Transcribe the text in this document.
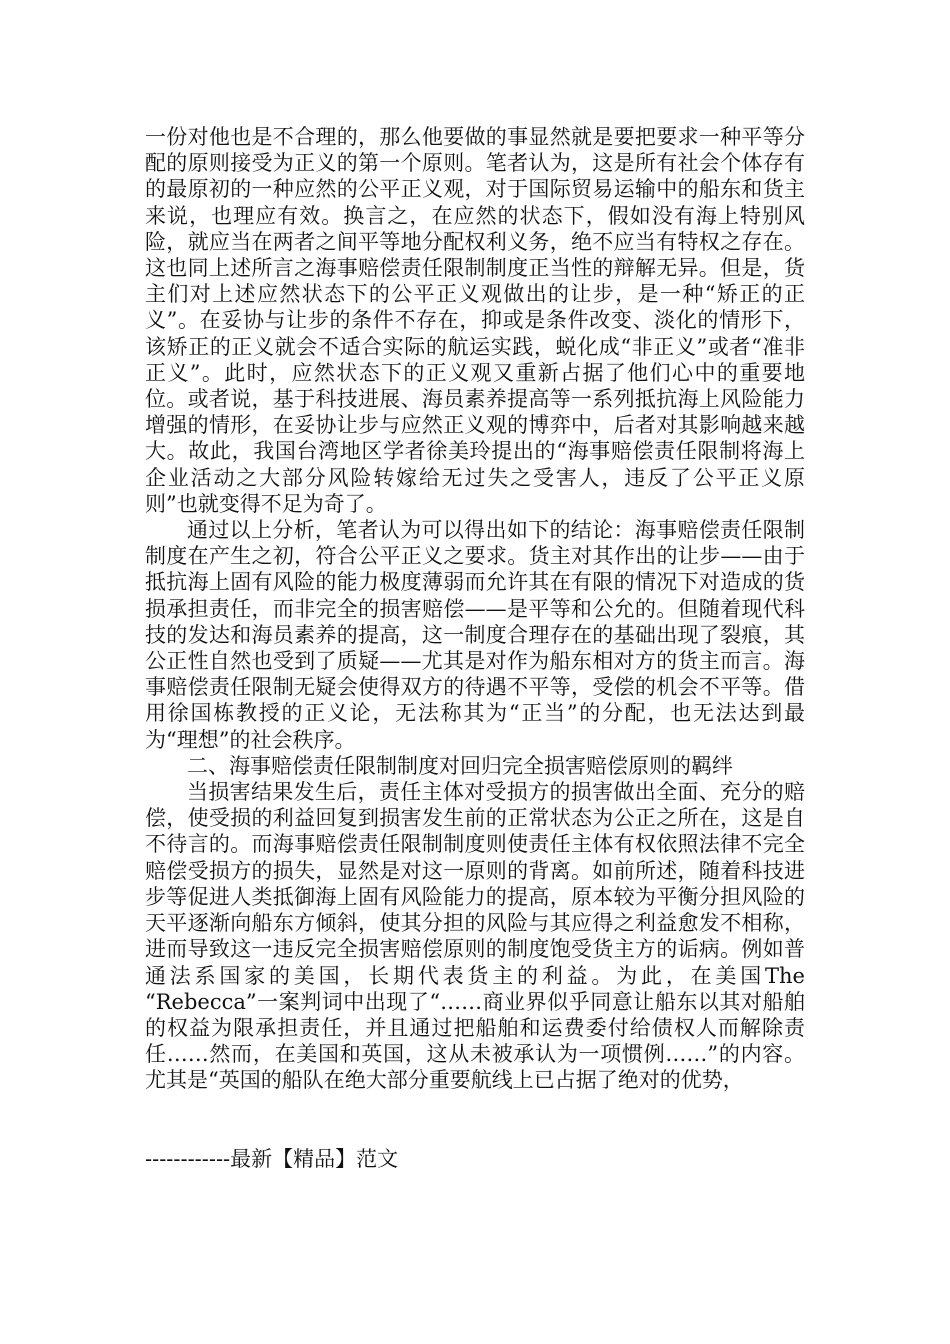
一份对他也是不合理的，那么他要做的事显然就是要把要求一种平等分配的原则接受为正义的第一个原则。笔者认为，这是所有社会个体存有的最原初的一种应然的公平正义观，对于国际贸易运输中的船东和货主来说，也理应有效。换言之，在应然的状态下，假如没有海上特别风险，就应当在两者之间平等地分配权利义务，绝不应当有特权之存在。这也同上述所言之海事赔偿责任限制制度正当性的辩解无异。但是，货主们对上述应然状态下的公平正义观做出的让步，是一种“矫正的正义”。在妥协与让步的条件不存在，抑或是条件改变、淡化的情形下，该矫正的正义就会不适合实际的航运实践，蜕化成“非正义”或者“准非正义”。此时，应然状态下的正义观又重新占据了他们心中的重要地位。或者说，基于科技进展、海员素养提高等一系列抵抗海上风险能力增强的情形，在妥协让步与应然正义观的博弈中，后者对其影响越来越大。故此，我国台湾地区学者徐美玲提出的“海事赔偿责任限制将海上企业活动之大部分风险转嫁给无过失之受害人，违反了公平正义原则”也就变得不足为奇了。

通过以上分析，笔者认为可以得出如下的结论：海事赔偿责任限制制度在产生之初，符合公平正义之要求。货主对其作出的让步——由于抵抗海上固有风险的能力极度薄弱而允许其在有限的情况下对造成的货损承担责任，而非完全的损害赔偿——是平等和公允的。但随着现代科技的发达和海员素养的提高，这一制度合理存在的基础出现了裂痕，其公正性自然也受到了质疑——尤其是对作为船东相对方的货主而言。海事赔偿责任限制无疑会使得双方的待遇不平等，受偿的机会不平等。借用徐国栋教授的正义论，无法称其为“正当”的分配，也无法达到最为“理想”的社会秩序。

二、海事赔偿责任限制制度对回归完全损害赔偿原则的羁绊

当损害结果发生后，责任主体对受损方的损害做出全面、充分的赔偿，使受损的利益回复到损害发生前的正常状态为公正之所在，这是自不待言的。而海事赔偿责任限制制度则使责任主体有权依照法律不完全赔偿受损方的损失，显然是对这一原则的背离。如前所述，随着科技进步等促进人类抵御海上固有风险能力的提高，原本较为平衡分担风险的天平逐渐向船东方倾斜，使其分担的风险与其应得之利益愈发不相称，进而导致这一违反完全损害赔偿原则的制度饱受货主方的诟病。例如普通法系国家的美国，长期代表货主的利益。为此，在美国The “Rebecca”一案判词中出现了“……商业界似乎同意让船东以其对船舶的权益为限承担责任，并且通过把船舶和运费委付给债权人而解除责任……然而，在美国和英国，这从未被承认为一项惯例……”的内容。尤其是“英国的船队在绝大部分重要航线上已占据了绝对的优势，

------------最新【精品】范文
